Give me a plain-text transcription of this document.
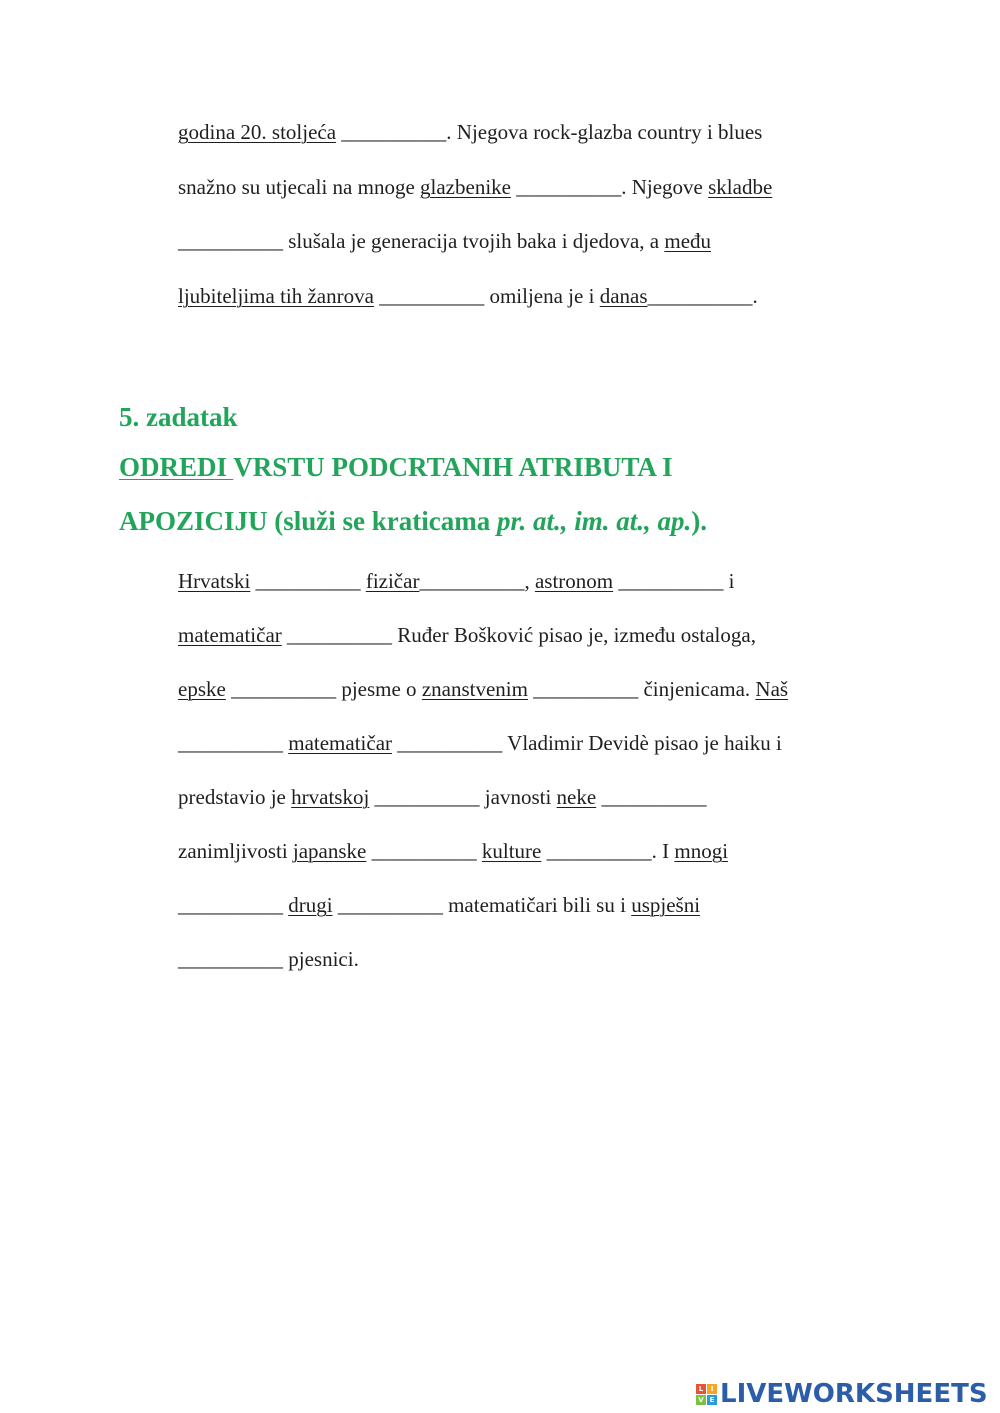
godina 20. stoljeća __________. Njegova rock-glazba country i blues
snažno su utjecali na mnoge glazbenike __________. Njegove skladbe
__________ slušala je generacija tvojih baka i djedova, a među
ljubiteljima tih žanrova __________ omiljena je i danas__________.
5. zadatak
ODREDI VRSTU PODCRTANIH ATRIBUTA I
APOZICIJU (služi se kraticama pr. at., im. at., ap.).
Hrvatski __________ fizičar__________, astronom __________ i
matematičar __________ Ruđer Bošković pisao je, između ostaloga,
epske __________ pjesme o znanstvenim __________ činjenicama. Naš
__________ matematičar __________ Vladimir Devidè pisao je haiku i
predstavio je hrvatskoj __________ javnosti neke __________
zanimljivosti japanske __________ kulture __________. I mnogi
__________ drugi __________ matematičari bili su i uspješni
__________ pjesnici.
L	I
V E LIVEWORKSHEETS
